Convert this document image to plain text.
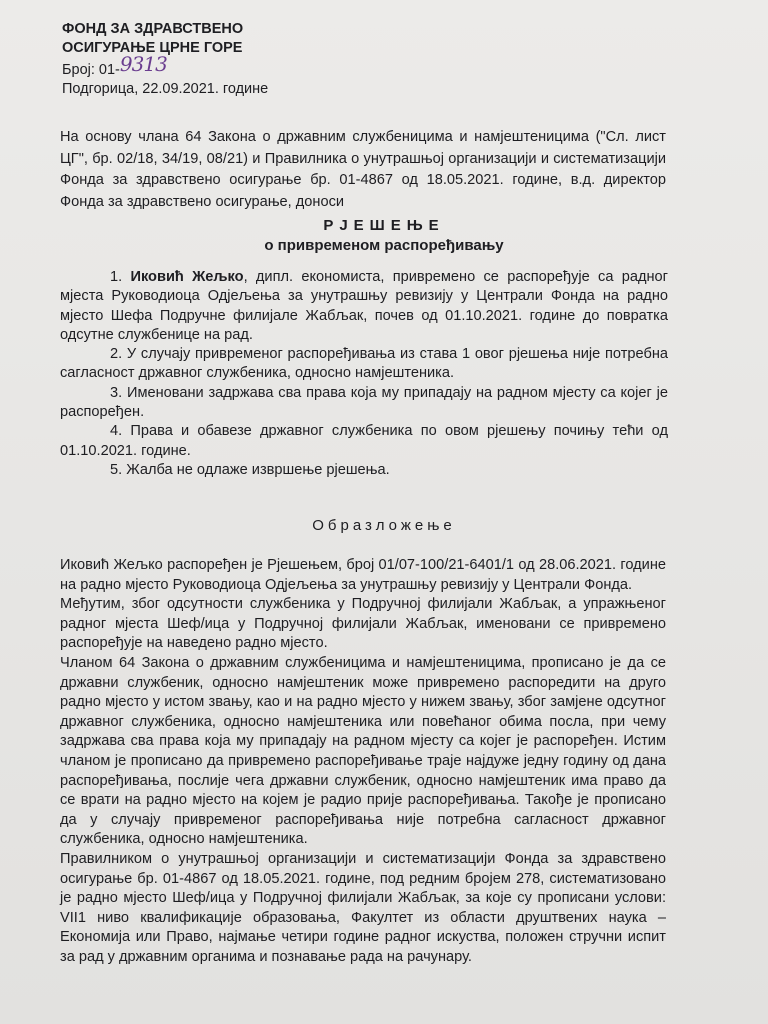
ФОНД ЗА ЗДРАВСТВЕНО
ОСИГУРАЊЕ ЦРНЕ ГОРЕ
Број: 01-9313
Подгорица, 22.09.2021. године

На основу члана 64 Закона о државним службеницима и намјештеницима ("Сл. лист ЦГ", бр. 02/18, 34/19, 08/21) и Правилника о унутрашњој организацији и систематизацији Фонда за здравствено осигурање бр. 01-4867 од 18.05.2021. године, в.д. директор Фонда за здравствено осигурање, доноси

РЈЕШЕЊЕ
о привременом распоређивању

1. Иковић Жељко, дипл. економиста, привремено се распоређује са радног мјеста Руководиоца Одјељења за унутрашњу ревизију у Централи Фонда на радно мјесто Шефа Подручне филијале Жабљак, почев од 01.10.2021. године до повратка одсутне службенице на рад.

2. У случају привременог распоређивања из става 1 овог рјешења није потребна сагласност државног службеника, односно намјештеника.

3. Именовани задржава сва права која му припадају на радном мјесту са којег је распоређен.

4. Права и обавезе државног службеника по овом рјешењу почињу тећи од 01.10.2021. године.

5. Жалба не одлаже извршење рјешења.

Образложење

Иковић Жељко распоређен је Рјешењем, број 01/07-100/21-6401/1 од 28.06.2021. године на радно мјесто Руководиоца Одјељења за унутрашњу ревизију у Централи Фонда.

Међутим, због одсутности службеника у Подручној филијали Жабљак, а упражњеног радног мјеста Шеф/ица у Подручној филијали Жабљак, именовани се привремено распоређује на наведено радно мјесто.

Чланом 64 Закона о државним службеницима и намјештеницима, прописано је да се државни службеник, односно намјештеник може привремено распоредити на друго радно мјесто у истом звању, као и на радно мјесто у нижем звању, због замјене одсутног државног службеника, односно намјештеника или повећаног обима посла, при чему задржава сва права која му припадају на радном мјесту са којег је распоређен. Истим чланом је прописано да привремено распоређивање траје најдуже једну годину од дана распоређивања, послије чега државни службеник, односно намјештеник има право да се врати на радно мјесто на којем је радио прије распоређивања. Такође је прописано да у случају привременог распоређивања није потребна сагласност државног службеника, односно намјештеника.

Правилником о унутрашњој организацији и систематизацији Фонда за здравствено осигурање бр. 01-4867 од 18.05.2021. године, под редним бројем 278, систематизовано је радно мјесто Шеф/ица у Подручној филијали Жабљак, за које су прописани услови: VII1 ниво квалификације образовања, Факултет из области друштвених наука – Економија или Право, најмање четири године радног искуства, положен стручни испит за рад у државним органима и познавање рада на рачунару.
